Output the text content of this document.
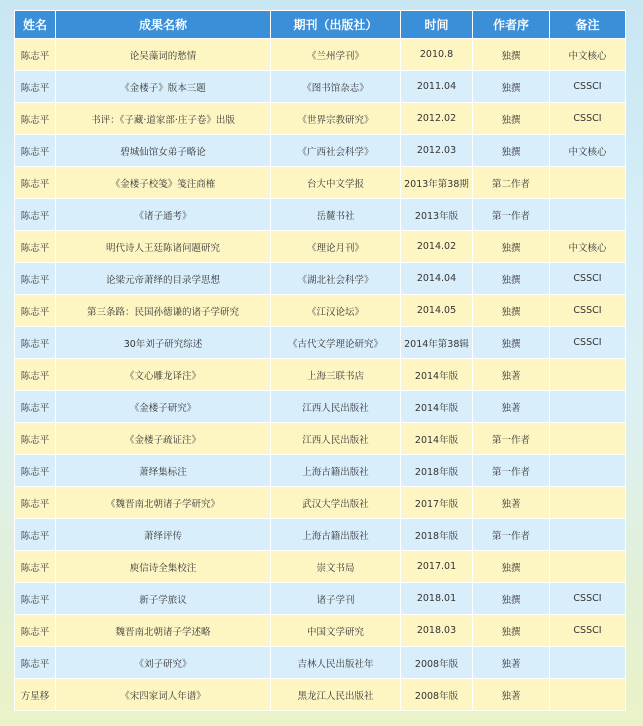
姓名	成果名称	期刊（出版社）	时间	作者序	备注
陈志平	论吴藻词的愁情	《兰州学刊》	2010.8	独撰	中文核心
陈志平	《金楼子》版本三题	《图书馆杂志》	2011.04	独撰	CSSCI
陈志平	书评：《子藏·道家部·庄子卷》出版	《世界宗教研究》	2012.02	独撰	CSSCI
陈志平	碧城仙馆女弟子略论	《广西社会科学》	2012.03	独撰	中文核心
陈志平	《金楼子校笺》笺注商榷	台大中文学报	2013年第38期	第二作者	
陈志平	《诸子通考》	岳麓书社	2013年版	第一作者	
陈志平	明代诗人王廷陈诸问题研究	《理论月刊》	2014.02	独撰	中文核心
陈志平	论梁元帝萧绎的目录学思想	《湖北社会科学》	2014.04	独撰	CSSCI
陈志平	第三条路：民国孙德谦的诸子学研究	《江汉论坛》	2014.05	独撰	CSSCI
陈志平	30年刘子研究综述	《古代文学理论研究》	2014年第38辑	独撰	CSSCI
陈志平	《文心雕龙译注》	上海三联书店	2014年版	独著	
陈志平	《金楼子研究》	江西人民出版社	2014年版	独著	
陈志平	《金楼子疏证注》	江西人民出版社	2014年版	第一作者	
陈志平	萧绎集标注	上海古籍出版社	2018年版	第一作者	
陈志平	《魏晋南北朝诸子学研究》	武汉大学出版社	2017年版	独著	
陈志平	萧绎评传	上海古籍出版社	2018年版	第一作者	
陈志平	庾信诗全集校注	崇文书局	2017.01	独撰	
陈志平	新子学旅议	诸子学刊	2018.01	独撰	CSSCI
陈志平	魏晋南北朝诸子学述略	中国文学研究	2018.03	独撰	CSSCI
陈志平	《刘子研究》	吉林人民出版社年	2008年版	独著	
方星移	《宋四家词人年谱》	黑龙江人民出版社	2008年版	独著	
